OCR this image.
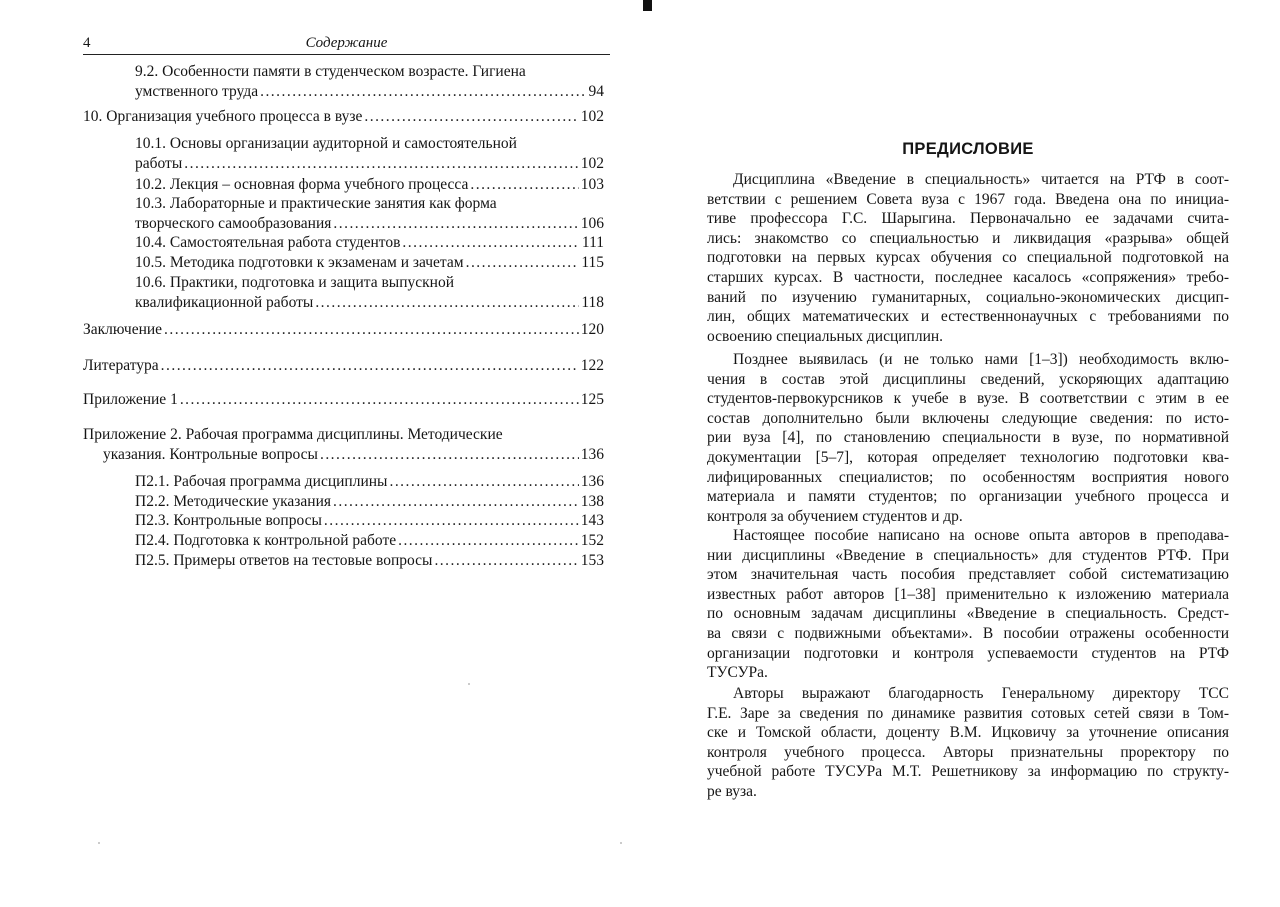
4	Содержание
9.2. Особенности памяти в студенческом возрасте. Гигиена
умственного труда . . .	94
10. Организация учебного процесса в вузе . . .	102
10.1. Основы организации аудиторной и самостоятельной
работы . . .	102
10.2. Лекция – основная форма учебного процесса . . .	103
10.3. Лабораторные и практические занятия как форма
творческого самообразования . . .	106
10.4. Самостоятельная работа студентов . . .	111
10.5. Методика подготовки к экзаменам и зачетам . . .	115
10.6. Практики, подготовка и защита выпускной
квалификационной работы . . .	118
Заключение . . .	120
Литература . . .	122
Приложение 1 . . .	125
Приложение 2. Рабочая программа дисциплины. Методические
указания. Контрольные вопросы . . .	136
П2.1. Рабочая программа дисциплины . . .	136
П2.2. Методические указания . . .	138
П2.3. Контрольные вопросы . . .	143
П2.4. Подготовка к контрольной работе . . .	152
П2.5. Примеры ответов на тестовые вопросы . . .	153
ПРЕДИСЛОВИЕ
Дисциплина «Введение в специальность» читается на РТФ в соот-
ветствии с решением Совета вуза с 1967 года. Введена она по инициа-
тиве профессора Г.С. Шарыгина. Первоначально ее задачами счита-
лись: знакомство со специальностью и ликвидация «разрыва» общей
подготовки на первых курсах обучения со специальной подготовкой на
старших курсах. В частности, последнее касалось «сопряжения» требо-
ваний по изучению гуманитарных, социально-экономических дисцип-
лин, общих математических и естественнонаучных с требованиями по
освоению специальных дисциплин.
Позднее выявилась (и не только нами [1–3]) необходимость вклю-
чения в состав этой дисциплины сведений, ускоряющих адаптацию
студентов-первокурсников к учебе в вузе. В соответствии с этим в ее
состав дополнительно были включены следующие сведения: по исто-
рии вуза [4], по становлению специальности в вузе, по нормативной
документации [5–7], которая определяет технологию подготовки ква-
лифицированных специалистов; по особенностям восприятия нового
материала и памяти студентов; по организации учебного процесса и
контроля за обучением студентов и др.
Настоящее пособие написано на основе опыта авторов в преподава-
нии дисциплины «Введение в специальность» для студентов РТФ. При
этом значительная часть пособия представляет собой систематизацию
известных работ авторов [1–38] применительно к изложению материала
по основным задачам дисциплины «Введение в специальность. Средст-
ва связи с подвижными объектами». В пособии отражены особенности
организации подготовки и контроля успеваемости студентов на РТФ
ТУСУРа.
Авторы выражают благодарность Генеральному директору ТСС
Г.Е. Заре за сведения по динамике развития сотовых сетей связи в Том-
ске и Томской области, доценту В.М. Ицковичу за уточнение описания
контроля учебного процесса. Авторы признательны проректору по
учебной работе ТУСУРа М.Т. Решетникову за информацию по структу-
ре вуза.
